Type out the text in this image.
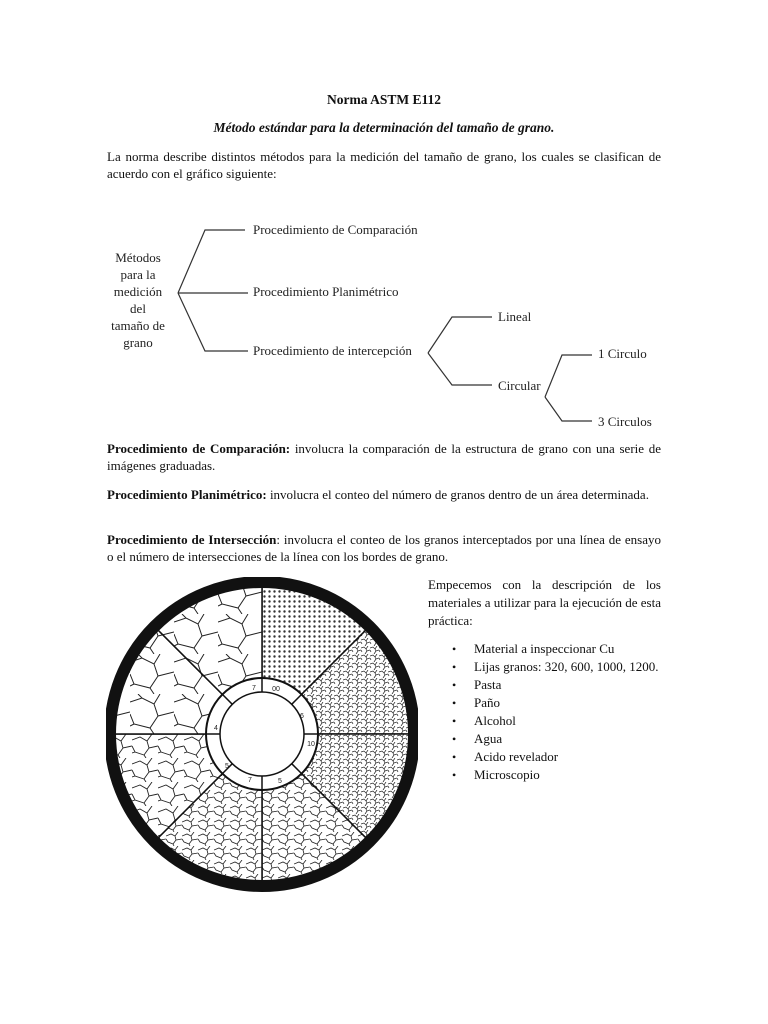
Norma ASTM E112
Método estándar para la determinación del tamaño de grano.
La norma describe distintos métodos para la medición del tamaño de grano, los cuales se clasifican de acuerdo con el gráfico siguiente:
Métodos
para la
medición
del
tamaño de
grano
Procedimiento de Comparación
Procedimiento Planimétrico
Procedimiento de intercepción
Lineal
Circular
1 Circulo
3 Circulos
Procedimiento de Comparación: involucra la comparación de la estructura de grano con una serie de imágenes graduadas.
Procedimiento Planimétrico: involucra el conteo del número de granos dentro de un área determinada.
Procedimiento de Intersección: involucra el conteo de los granos interceptados por una línea de ensayo o el número de intersecciones de la línea con los bordes de grano.
7 00
6
10
5
7
4
5
Empecemos con la descripción de los materiales a utilizar para la ejecución de esta práctica:
• Material a inspeccionar Cu
• Lijas granos: 320, 600, 1000, 1200.
• Pasta
• Paño
• Alcohol
• Agua
• Acido revelador
• Microscopio
